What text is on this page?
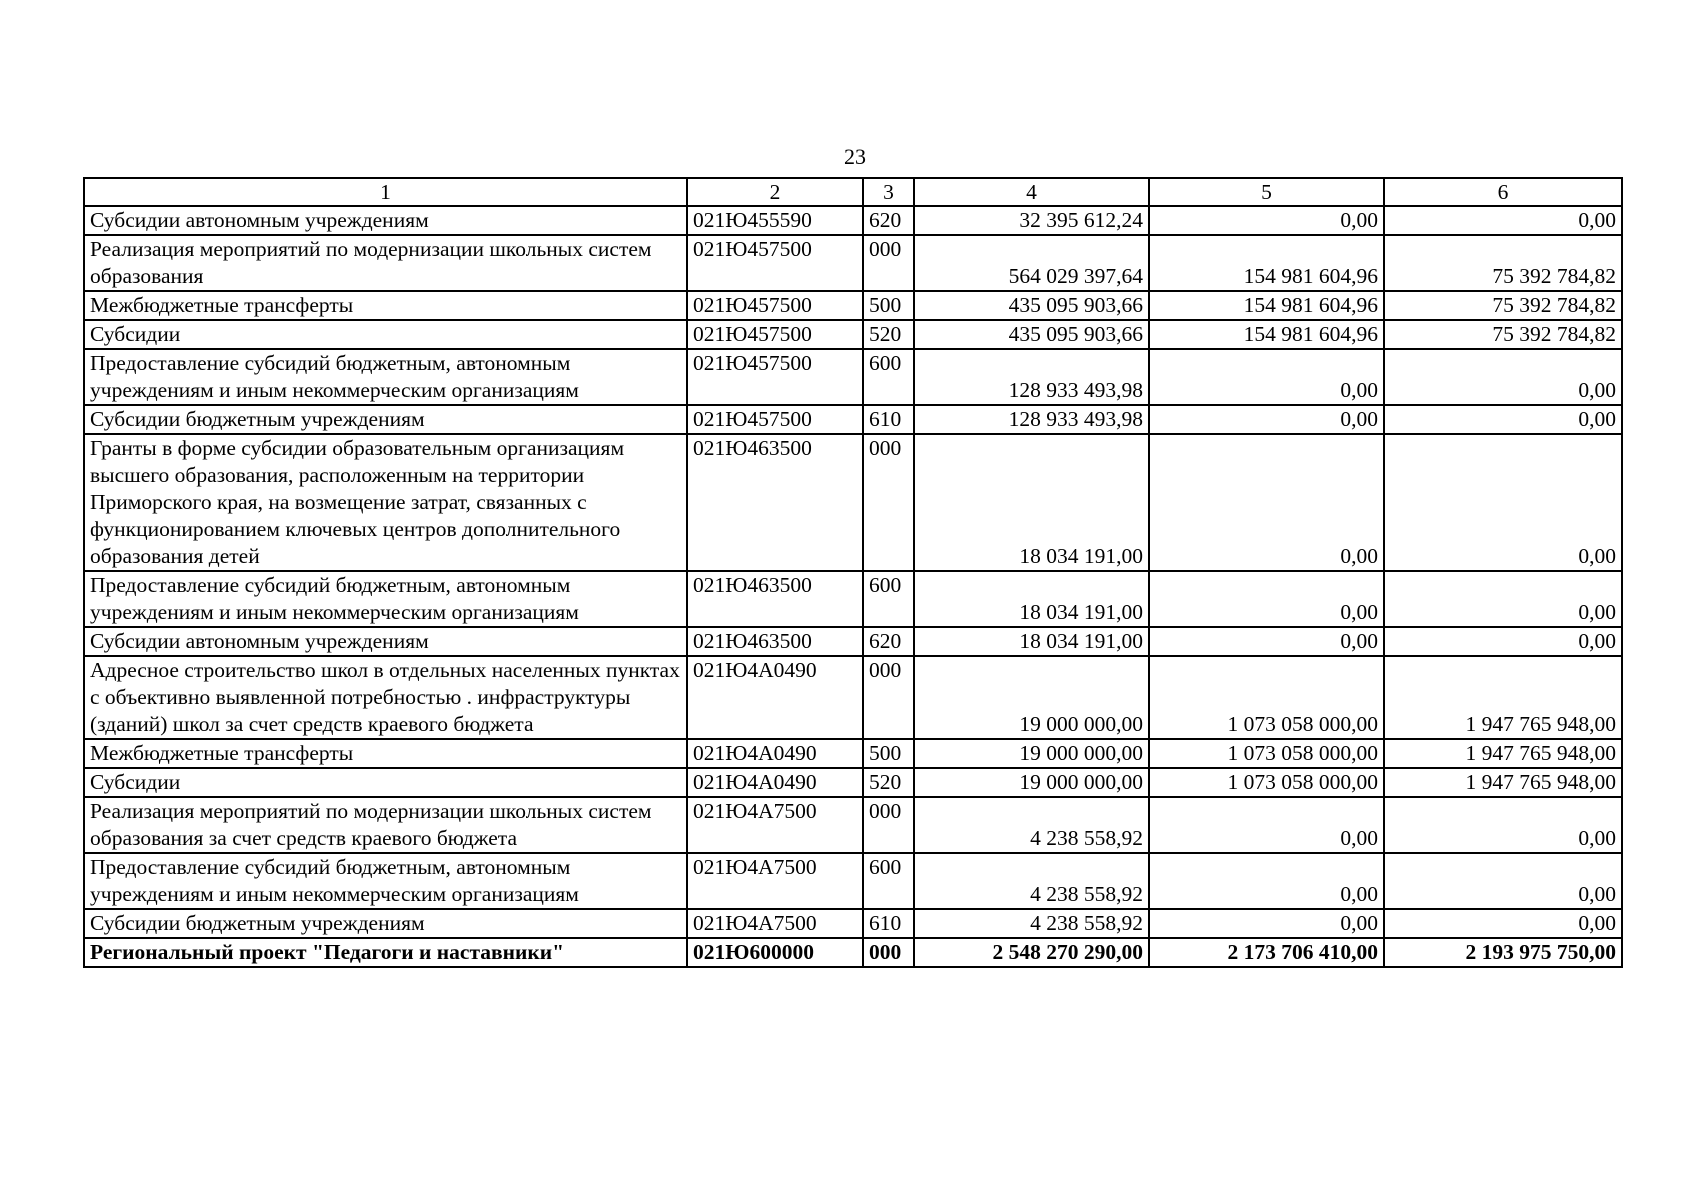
23
1	2	3	4	5	6
Субсидии автономным учреждениям	021Ю455590	620	32 395 612,24	0,00	0,00
Реализация мероприятий по модернизации школьных систем образования	021Ю457500	000	564 029 397,64	154 981 604,96	75 392 784,82
Межбюджетные трансферты	021Ю457500	500	435 095 903,66	154 981 604,96	75 392 784,82
Субсидии	021Ю457500	520	435 095 903,66	154 981 604,96	75 392 784,82
Предоставление субсидий бюджетным, автономным учреждениям и иным некоммерческим организациям	021Ю457500	600	128 933 493,98	0,00	0,00
Субсидии бюджетным учреждениям	021Ю457500	610	128 933 493,98	0,00	0,00
Гранты в форме субсидии образовательным организациям высшего образования, расположенным на территории Приморского края, на возмещение затрат, связанных с функционированием ключевых центров дополнительного образования детей	021Ю463500	000	18 034 191,00	0,00	0,00
Предоставление субсидий бюджетным, автономным учреждениям и иным некоммерческим организациям	021Ю463500	600	18 034 191,00	0,00	0,00
Субсидии автономным учреждениям	021Ю463500	620	18 034 191,00	0,00	0,00
Адресное строительство школ в отдельных населенных пунктах с объективно выявленной потребностью . инфраструктуры (зданий) школ за счет средств краевого бюджета	021Ю4А0490	000	19 000 000,00	1 073 058 000,00	1 947 765 948,00
Межбюджетные трансферты	021Ю4А0490	500	19 000 000,00	1 073 058 000,00	1 947 765 948,00
Субсидии	021Ю4А0490	520	19 000 000,00	1 073 058 000,00	1 947 765 948,00
Реализация мероприятий по модернизации школьных систем образования за счет средств краевого бюджета	021Ю4А7500	000	4 238 558,92	0,00	0,00
Предоставление субсидий бюджетным, автономным учреждениям и иным некоммерческим организациям	021Ю4А7500	600	4 238 558,92	0,00	0,00
Субсидии бюджетным учреждениям	021Ю4А7500	610	4 238 558,92	0,00	0,00
Региональный проект "Педагоги и наставники"	021Ю600000	000	2 548 270 290,00	2 173 706 410,00	2 193 975 750,00
